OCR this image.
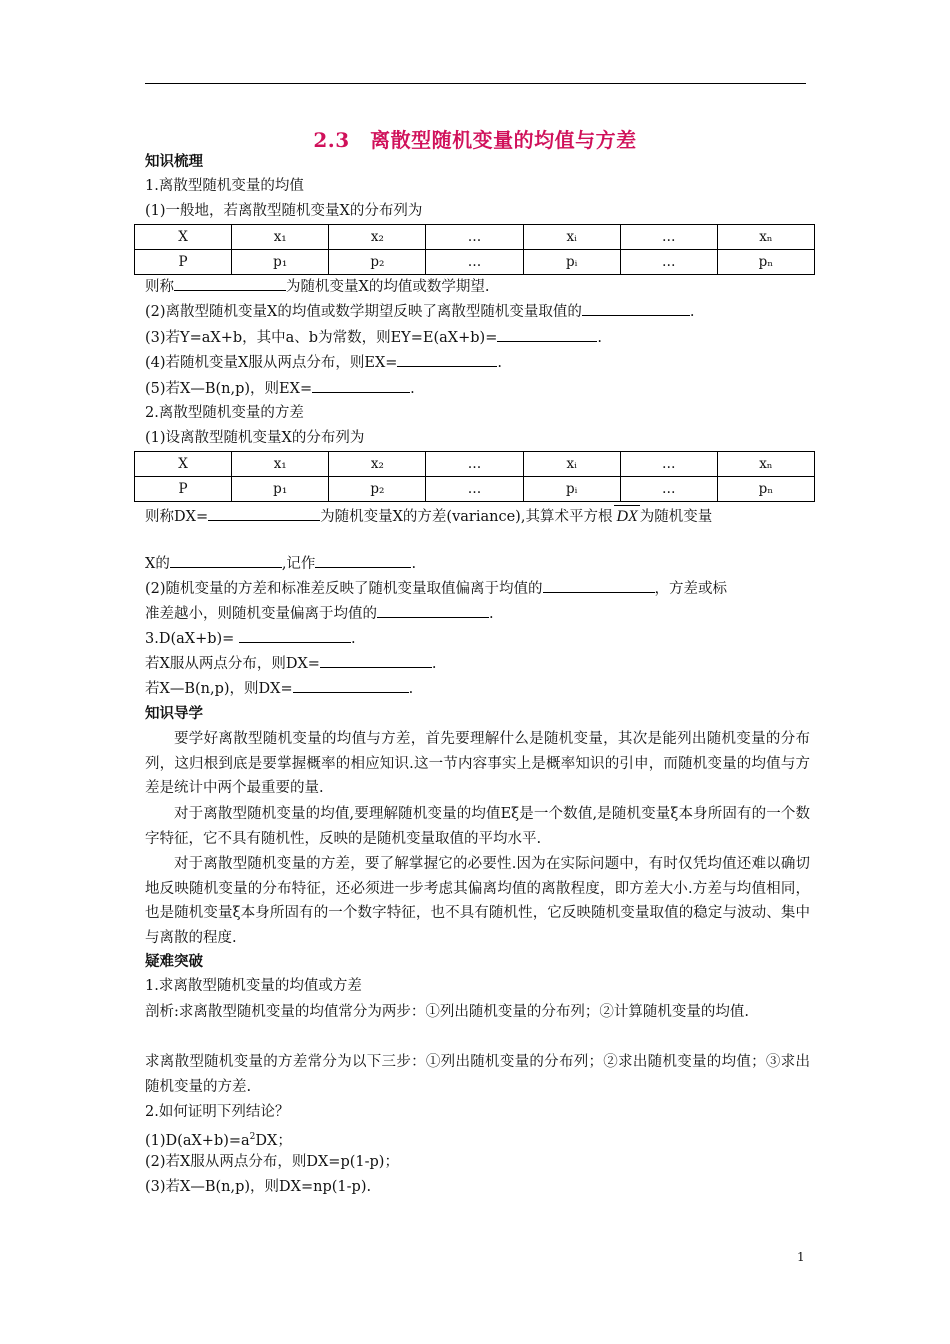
2.3　离散型随机变量的均值与方差
知识梳理
1.离散型随机变量的均值
(1)一般地，若离散型随机变量X的分布列为
X	x₁	x₂	…	xᵢ	…	xₙ
P	p₁	p₂	…	pᵢ	…	pₙ
则称	为随机变量X的均值或数学期望.
(2)离散型随机变量X的均值或数学期望反映了离散型随机变量取值的	.
(3)若Y=aX+b，其中a、b为常数，则EY=E(aX+b)=	.
(4)若随机变量X服从两点分布，则EX=	.
(5)若X—B(n,p)，则EX=	.
2.离散型随机变量的方差
(1)设离散型随机变量X的分布列为
X	x₁	x₂	…	xᵢ	…	xₙ
P	p₁	p₂	…	pᵢ	…	pₙ
则称DX=	为随机变量X的方差(variance),其算术平方根 DX 为随机变量
X的	,记作	.
(2)随机变量的方差和标准差反映了随机变量取值偏离于均值的	，方差或标
准差越小，则随机变量偏离于均值的	.
3.D(aX+b)=	.
若X服从两点分布，则DX=	.
若X—B(n,p)，则DX=	.
知识导学
要学好离散型随机变量的均值与方差，首先要理解什么是随机变量，其次是能列出随机变量的分布列，这归根到底是要掌握概率的相应知识.这一节内容事实上是概率知识的引申，而随机变量的均值与方差是统计中两个最重要的量.
对于离散型随机变量的均值,要理解随机变量的均值Eξ是一个数值,是随机变量ξ本身所固有的一个数字特征，它不具有随机性，反映的是随机变量取值的平均水平.
对于离散型随机变量的方差，要了解掌握它的必要性.因为在实际问题中，有时仅凭均值还难以确切地反映随机变量的分布特征，还必须进一步考虑其偏离均值的离散程度，即方差大小.方差与均值相同，也是随机变量ξ本身所固有的一个数字特征，也不具有随机性，它反映随机变量取值的稳定与波动、集中与离散的程度.
疑难突破
1.求离散型随机变量的均值或方差
剖析:求离散型随机变量的均值常分为两步：①列出随机变量的分布列；②计算随机变量的均值.
求离散型随机变量的方差常分为以下三步：①列出随机变量的分布列；②求出随机变量的均值；③求出随机变量的方差.
2.如何证明下列结论？
$(1)D(aX+b)=a^2DX$；
(2)若X服从两点分布，则DX=p(1-p)；
(3)若X—B(n,p)，则DX=np(1-p).
1
